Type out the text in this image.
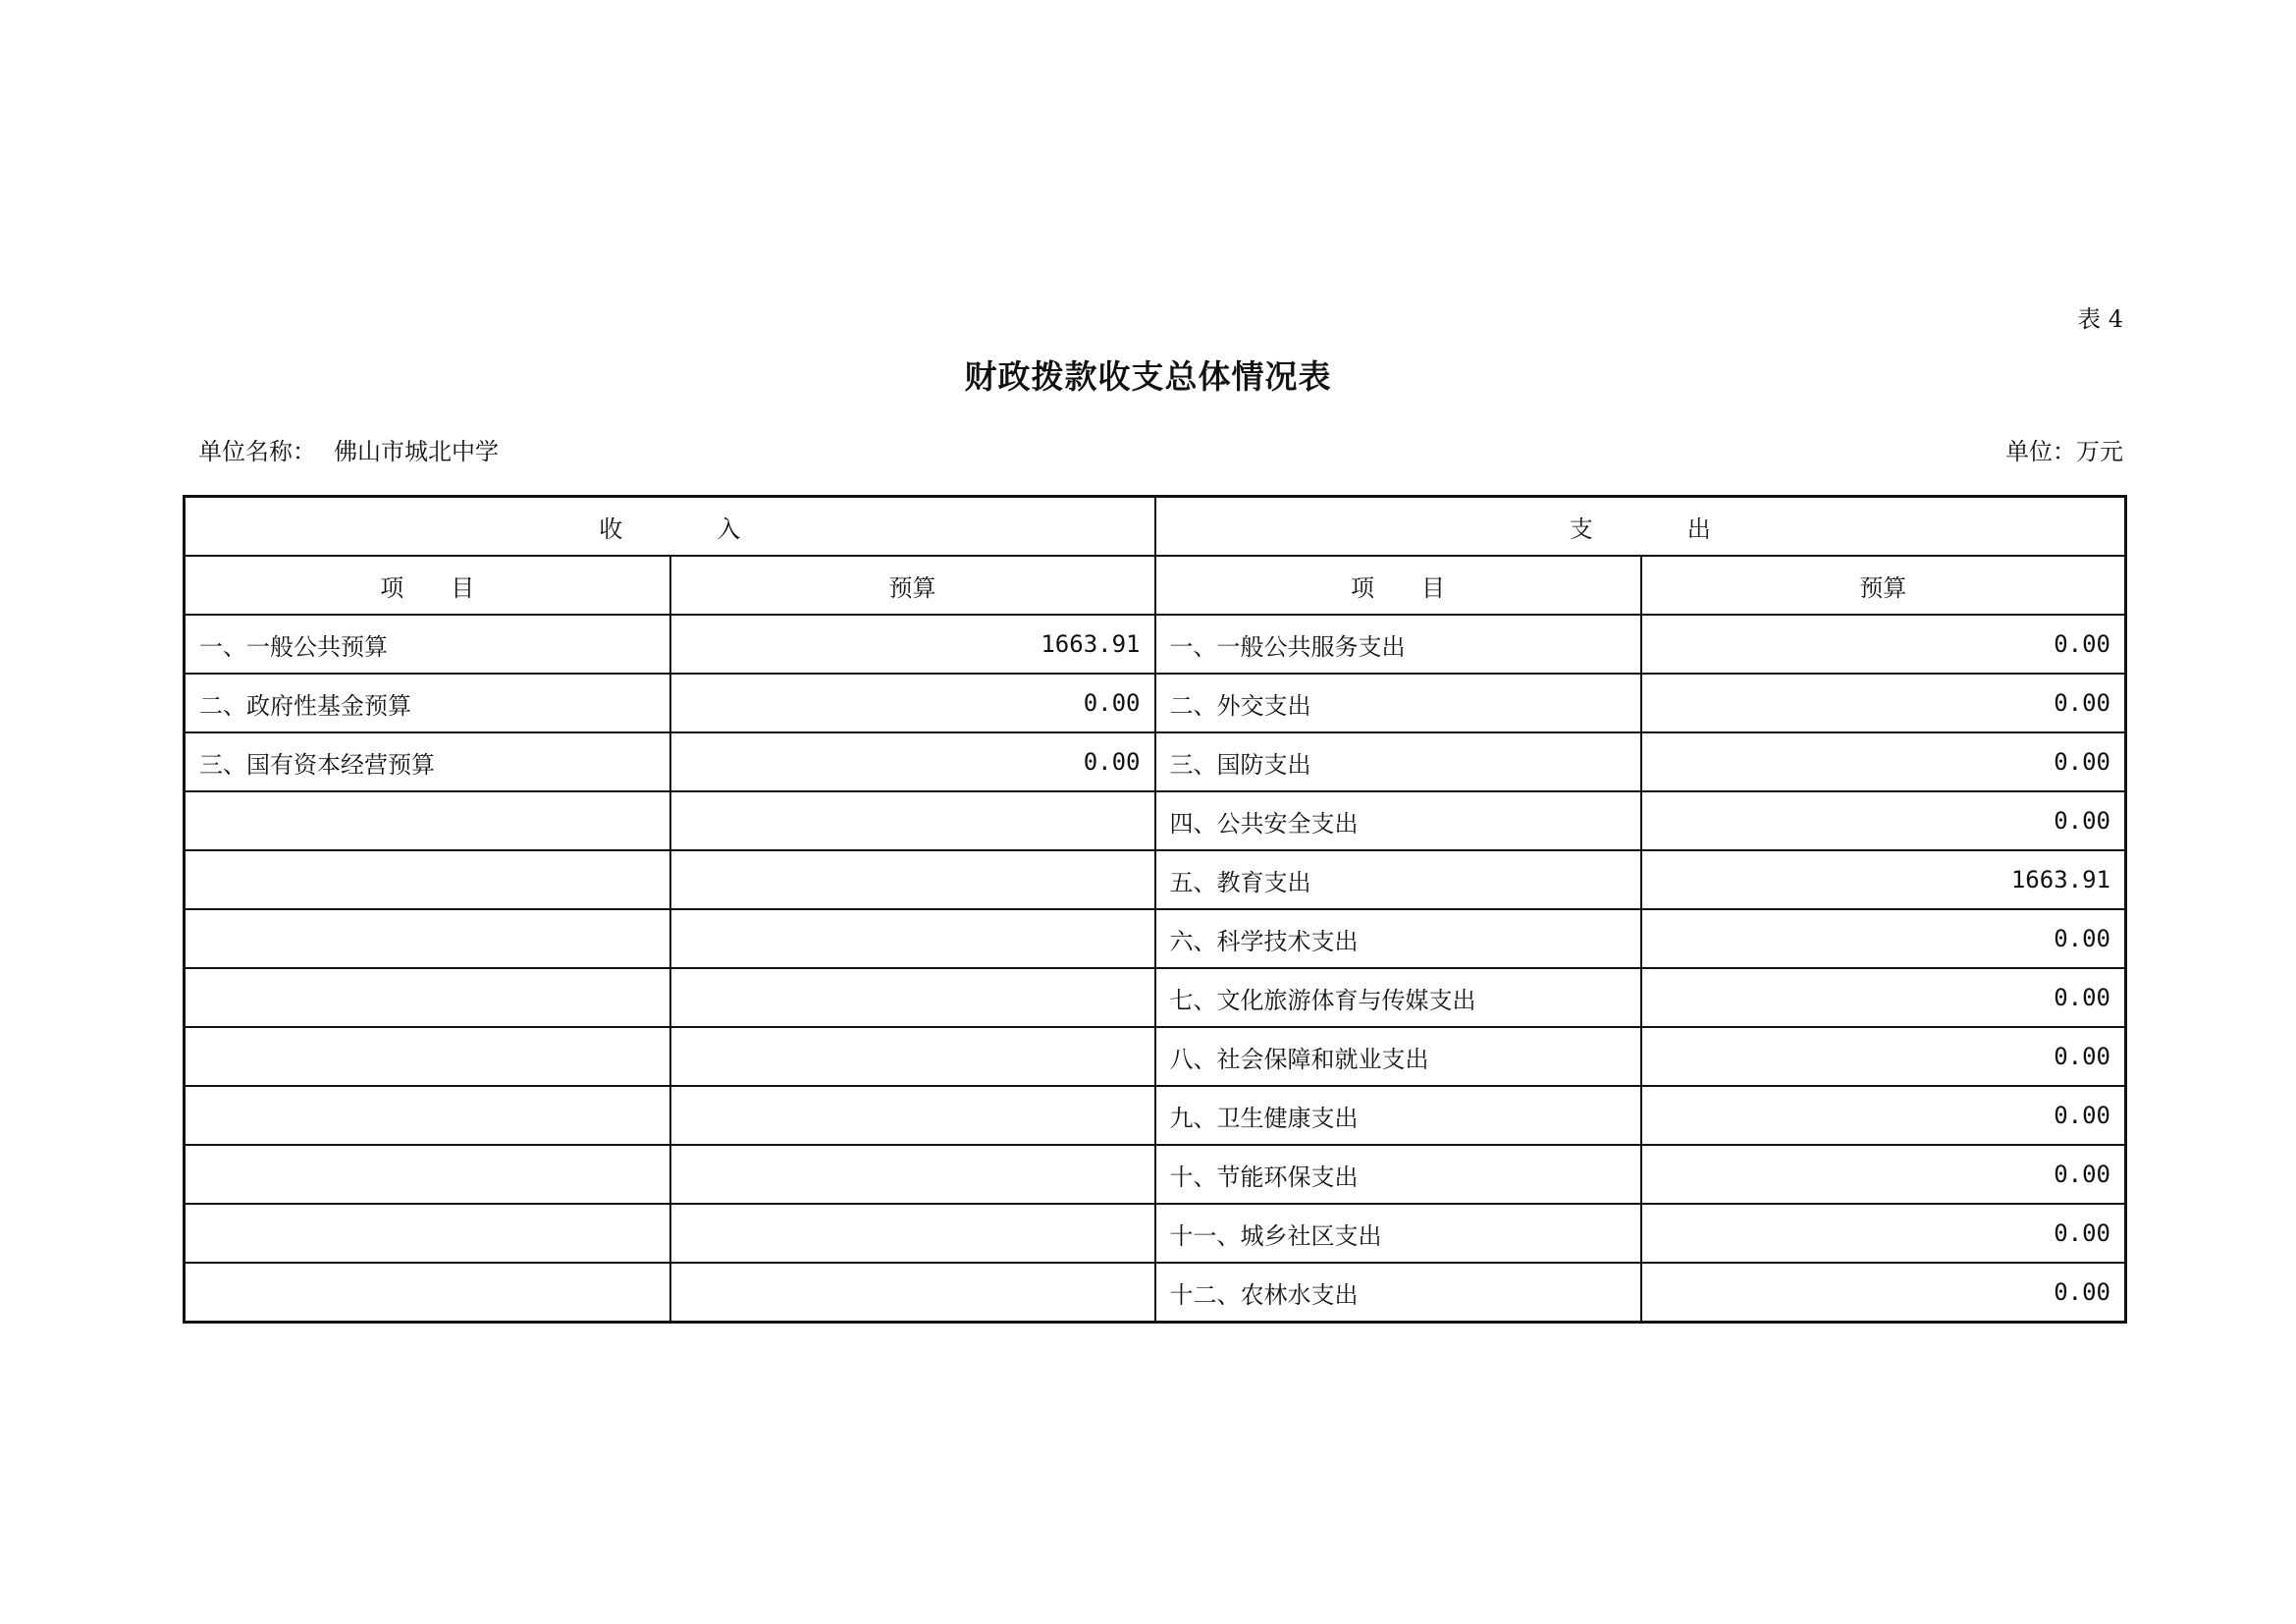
表 4
财政拨款收支总体情况表
单位名称： 佛山市城北中学	单位：万元
收　　　　入		支　　　　出	
项　　目	预算	项　　目	预算
一、一般公共预算	1663.91	一、一般公共服务支出	0.00
二、政府性基金预算	0.00	二、外交支出	0.00
三、国有资本经营预算	0.00	三、国防支出	0.00
		四、公共安全支出	0.00
		五、教育支出	1663.91
		六、科学技术支出	0.00
		七、文化旅游体育与传媒支出	0.00
		八、社会保障和就业支出	0.00
		九、卫生健康支出	0.00
		十、节能环保支出	0.00
		十一、城乡社区支出	0.00
		十二、农林水支出	0.00
